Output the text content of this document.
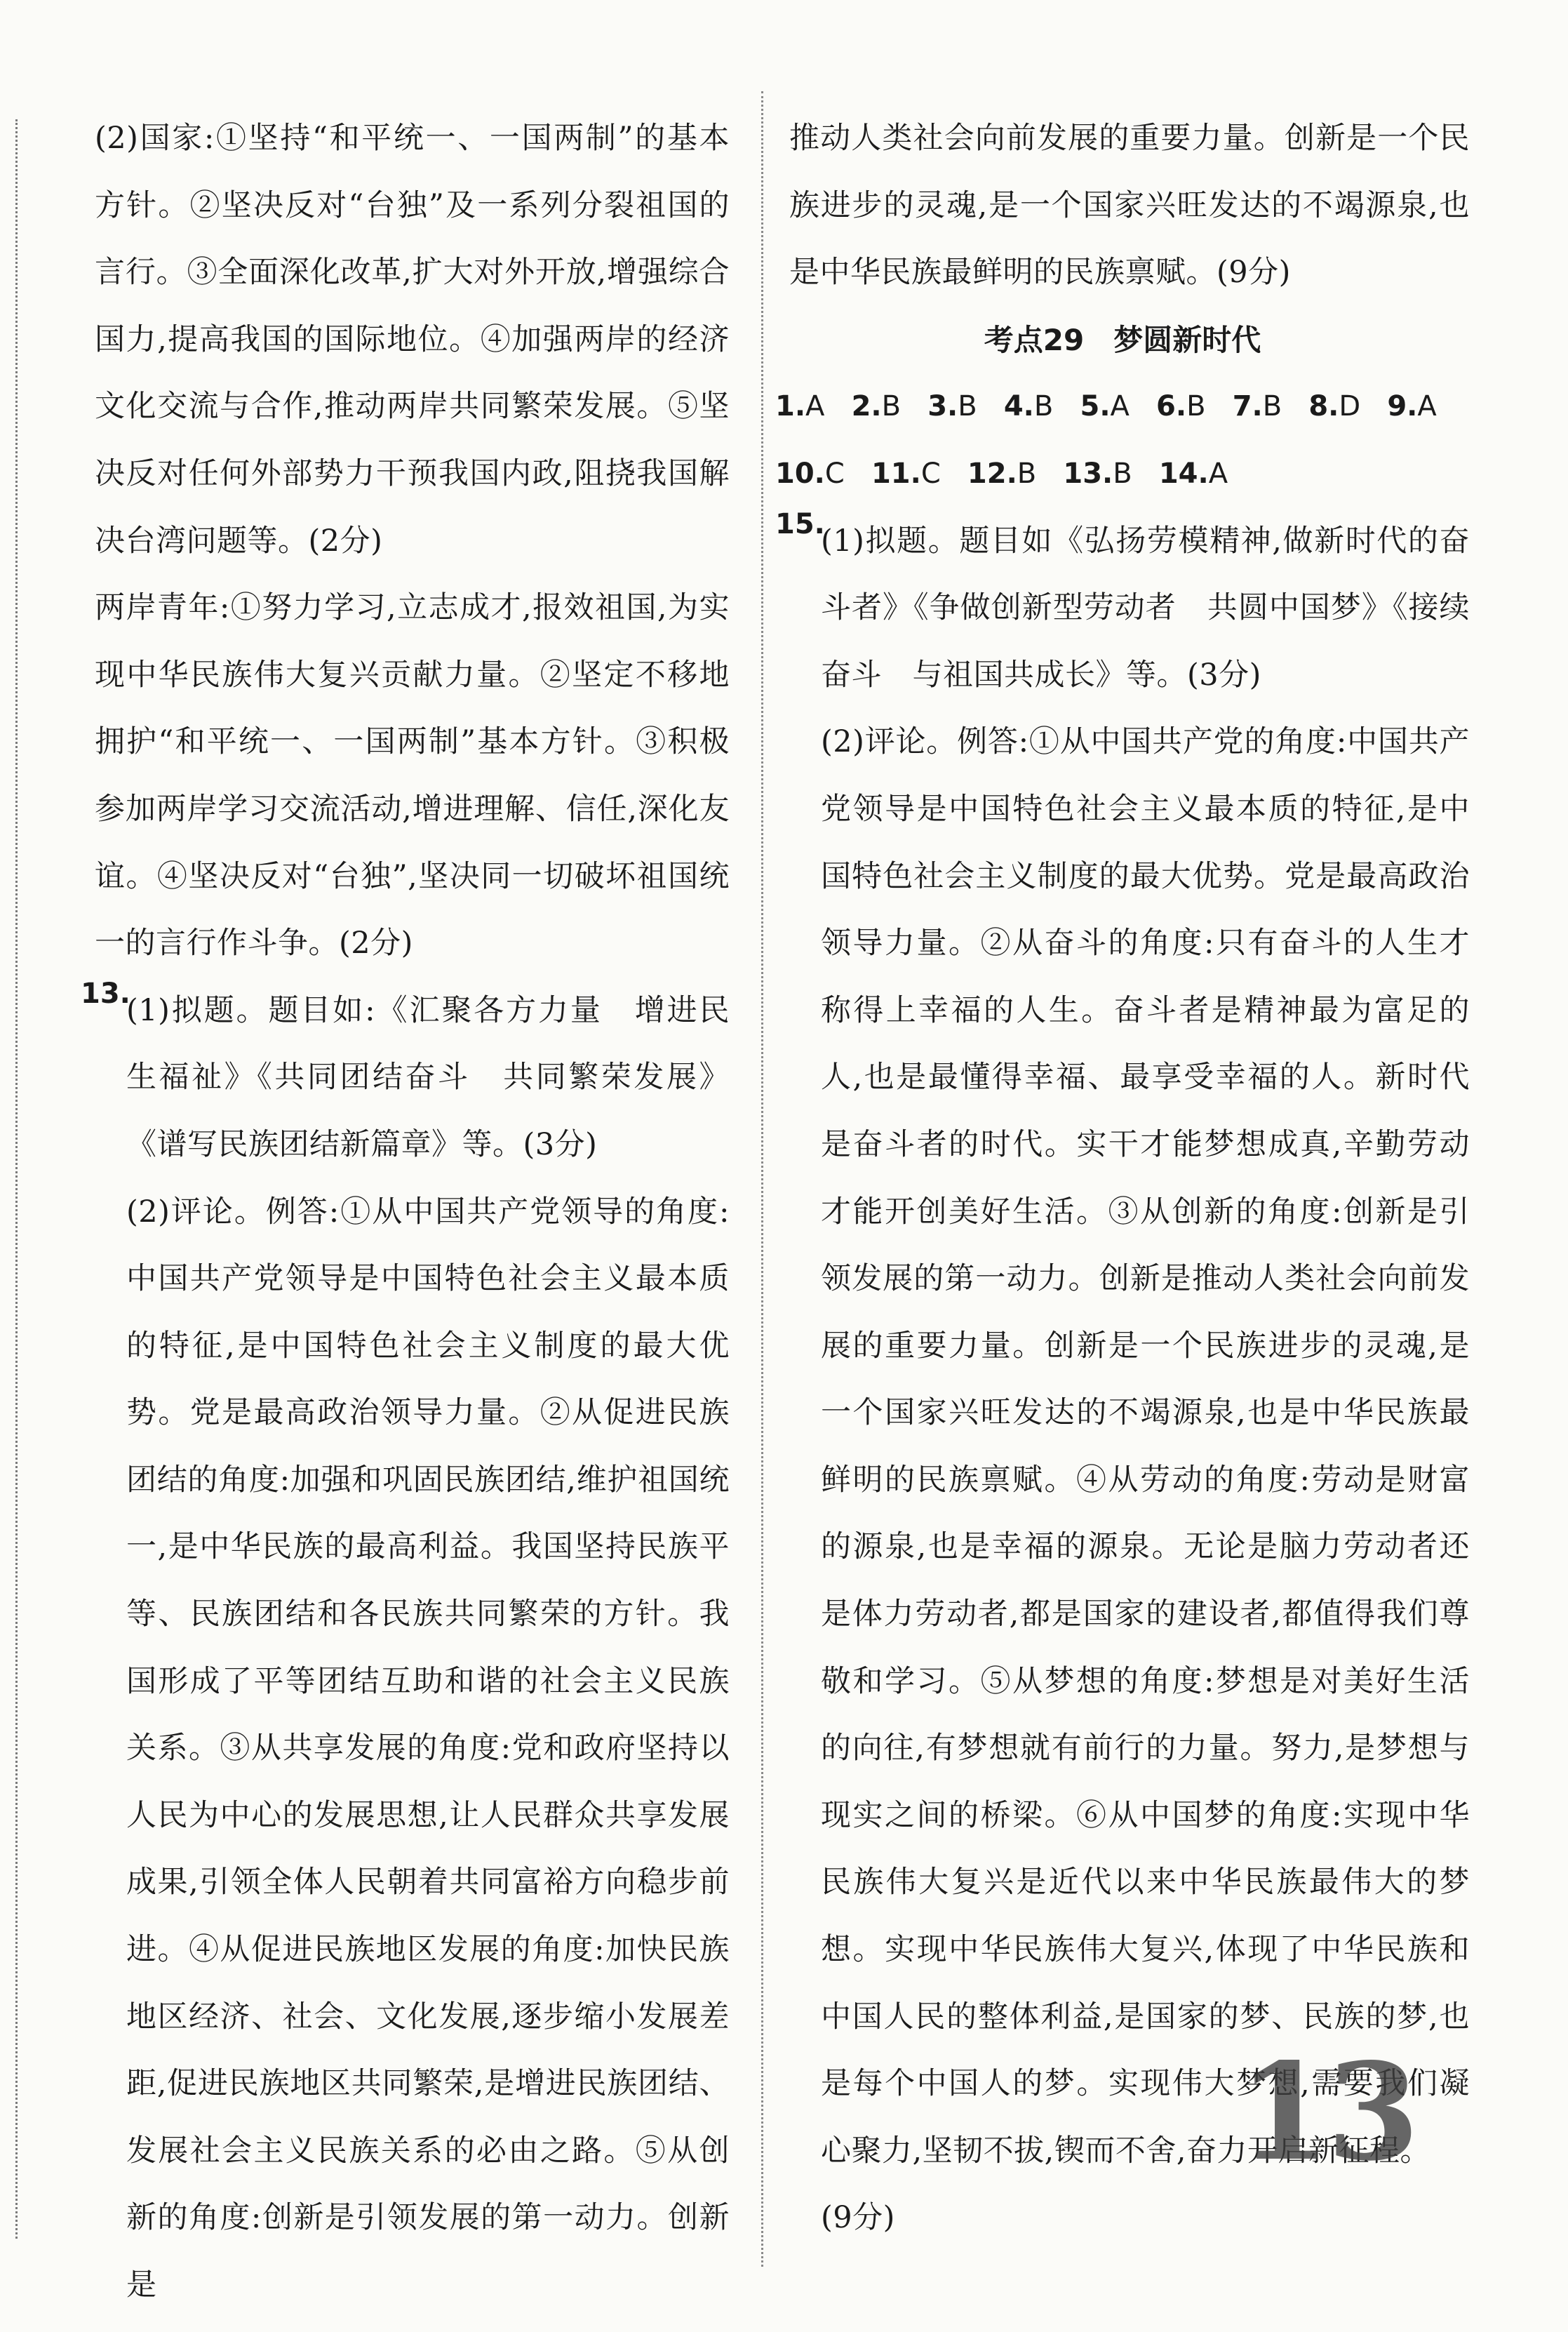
(2)国家:①坚持“和平统一、一国两制”的基本方针。②坚决反对“台独”及一系列分裂祖国的言行。③全面深化改革,扩大对外开放,增强综合国力,提高我国的国际地位。④加强两岸的经济文化交流与合作,推动两岸共同繁荣发展。⑤坚决反对任何外部势力干预我国内政,阻挠我国解决台湾问题等。(2分)

两岸青年:①努力学习,立志成才,报效祖国,为实现中华民族伟大复兴贡献力量。②坚定不移地拥护“和平统一、一国两制”基本方针。③积极参加两岸学习交流活动,增进理解、信任,深化友谊。④坚决反对“台独”,坚决同一切破坏祖国统一的言行作斗争。(2分)

13.

(1)拟题。题目如:《汇聚各方力量　增进民生福祉》《共同团结奋斗　共同繁荣发展》《谱写民族团结新篇章》等。(3分)

(2)评论。例答:①从中国共产党领导的角度:中国共产党领导是中国特色社会主义最本质的特征,是中国特色社会主义制度的最大优势。党是最高政治领导力量。②从促进民族团结的角度:加强和巩固民族团结,维护祖国统一,是中华民族的最高利益。我国坚持民族平等、民族团结和各民族共同繁荣的方针。我国形成了平等团结互助和谐的社会主义民族关系。③从共享发展的角度:党和政府坚持以人民为中心的发展思想,让人民群众共享发展成果,引领全体人民朝着共同富裕方向稳步前进。④从促进民族地区发展的角度:加快民族地区经济、社会、文化发展,逐步缩小发展差距,促进民族地区共同繁荣,是增进民族团结、发展社会主义民族关系的必由之路。⑤从创新的角度:创新是引领发展的第一动力。创新是

推动人类社会向前发展的重要力量。创新是一个民族进步的灵魂,是一个国家兴旺发达的不竭源泉,也是中华民族最鲜明的民族禀赋。(9分)

考点29　梦圆新时代

1.A 2.B 3.B 4.B 5.A 6.B 7.B 8.D 9.A

10.C 11.C 12.B 13.B 14.A

15.

(1)拟题。题目如《弘扬劳模精神,做新时代的奋斗者》《争做创新型劳动者　共圆中国梦》《接续奋斗　与祖国共成长》等。(3分)

(2)评论。例答:①从中国共产党的角度:中国共产党领导是中国特色社会主义最本质的特征,是中国特色社会主义制度的最大优势。党是最高政治领导力量。②从奋斗的角度:只有奋斗的人生才称得上幸福的人生。奋斗者是精神最为富足的人,也是最懂得幸福、最享受幸福的人。新时代是奋斗者的时代。实干才能梦想成真,辛勤劳动才能开创美好生活。③从创新的角度:创新是引领发展的第一动力。创新是推动人类社会向前发展的重要力量。创新是一个民族进步的灵魂,是一个国家兴旺发达的不竭源泉,也是中华民族最鲜明的民族禀赋。④从劳动的角度:劳动是财富的源泉,也是幸福的源泉。无论是脑力劳动者还是体力劳动者,都是国家的建设者,都值得我们尊敬和学习。⑤从梦想的角度:梦想是对美好生活的向往,有梦想就有前行的力量。努力,是梦想与现实之间的桥梁。⑥从中国梦的角度:实现中华民族伟大复兴是近代以来中华民族最伟大的梦想。实现中华民族伟大复兴,体现了中华民族和中国人民的整体利益,是国家的梦、民族的梦,也是每个中国人的梦。实现伟大梦想,需要我们凝心聚力,坚韧不拔,锲而不舍,奋力开启新征程。

(9分)

13
